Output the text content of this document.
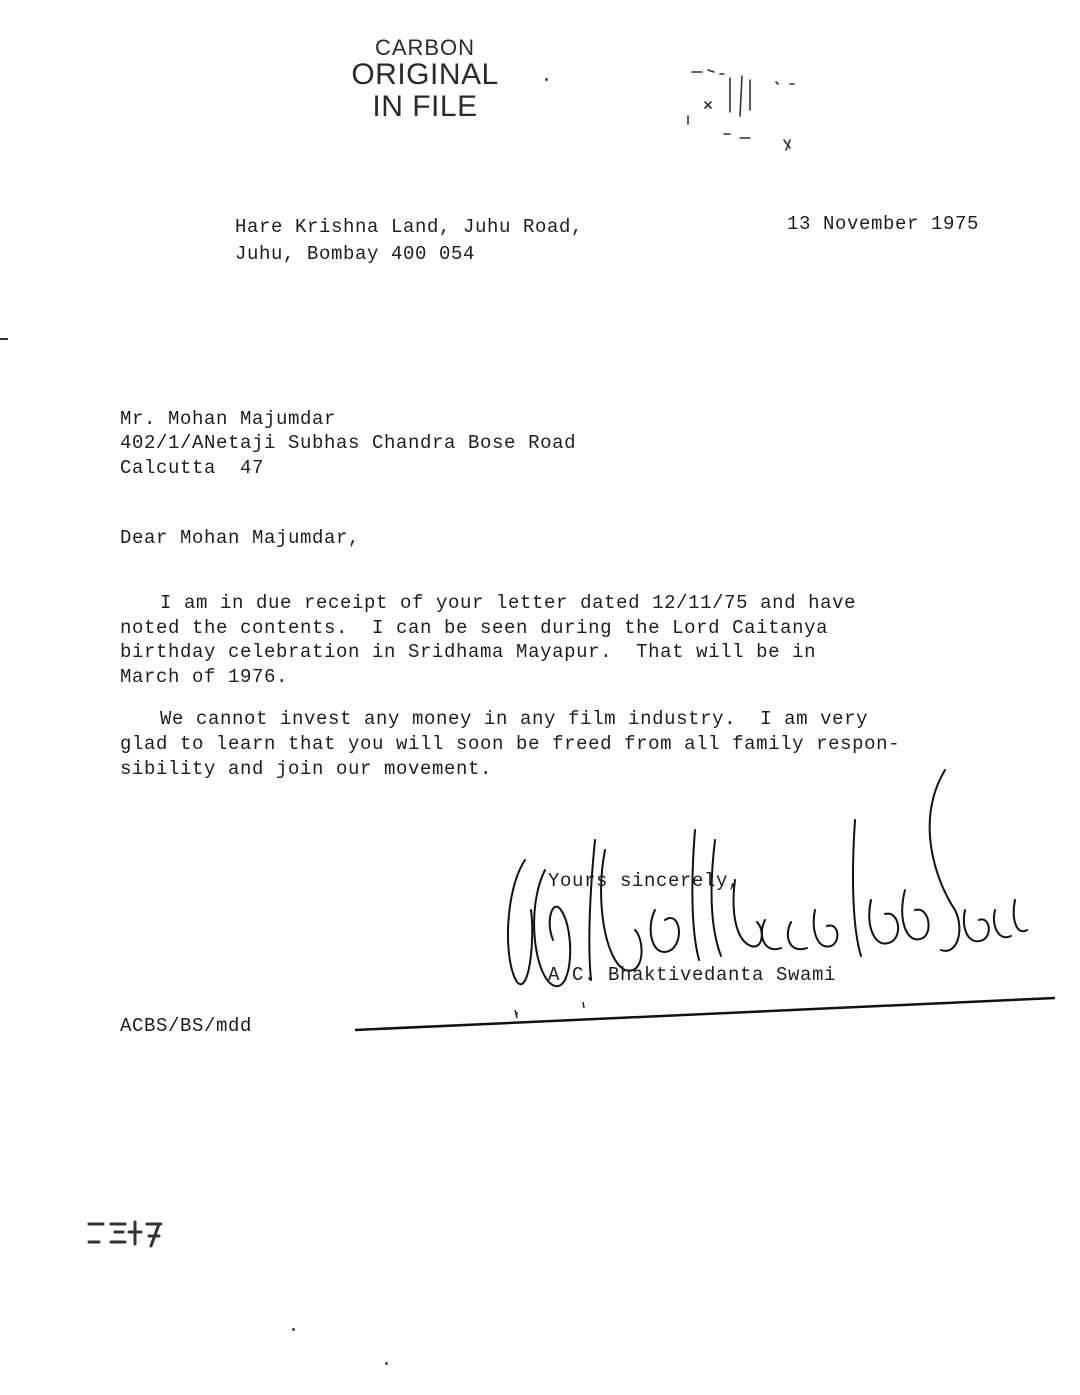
CARBON
ORIGINAL
IN FILE
Hare Krishna Land, Juhu Road,
Juhu, Bombay 400 054
13 November 1975
Mr. Mohan Majumdar
402/1/ANetaji Subhas Chandra Bose Road
Calcutta  47
Dear Mohan Majumdar,
I am in due receipt of your letter dated 12/11/75 and have
noted the contents.  I can be seen during the Lord Caitanya
birthday celebration in Sridhama Mayapur.  That will be in
March of 1976.
We cannot invest any money in any film industry.  I am very
glad to learn that you will soon be freed from all family respon-
sibility and join our movement.
Yours sincerely,
A.C. Bhaktivedanta Swami
ACBS/BS/mdd
